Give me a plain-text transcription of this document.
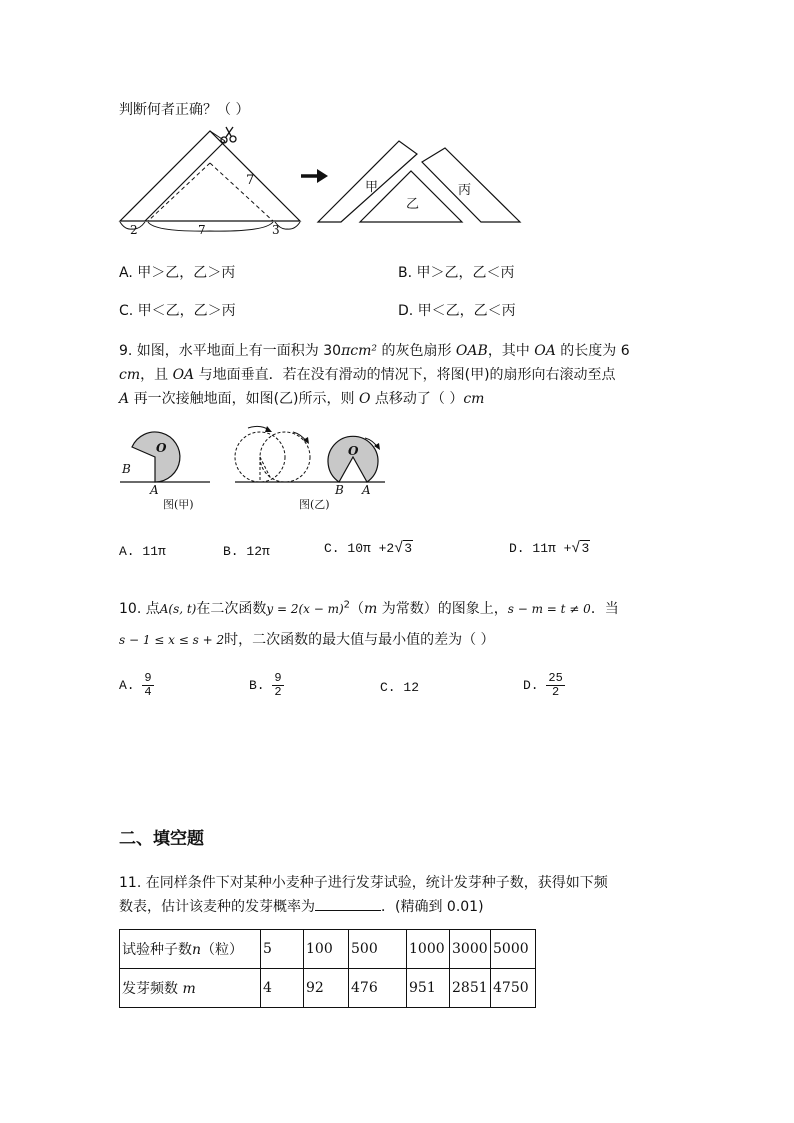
判断何者正确？（ ）
7
2	7	3
甲
乙
丙
A. 甲＞乙，乙＞丙	B. 甲＞乙，乙＜丙
C. 甲＜乙，乙＞丙	D. 甲＜乙，乙＜丙
9. 如图，水平地面上有一面积为 30πcm² 的灰色扇形 OAB，其中 OA 的长度为 6
cm，且 OA 与地面垂直．若在没有滑动的情况下，将图(甲)的扇形向右滚动至点
A 再一次接触地面，如图(乙)所示，则 O 点移动了（ ）cm
O
B
A
图(甲)
O
B A
图(乙)
A. 11π	B. 12π	C. 10π +2√3	D. 11π +√3
10. 点A(s, t)在二次函数$y = 2(x - m)^2(m$ 为常数）的图象上，s − m = t ≠ 0．当
s − 1 ≤ x ≤ s + 2时，二次函数的最大值与最小值的差为（ ）
A. $\frac{9}{4}$	B. $\frac{9}{2}$	C. 12	D. $\frac{25}{2}$
二、填空题
11. 在同样条件下对某种小麦种子进行发芽试验，统计发芽种子数，获得如下频
数表，估计该麦种的发芽概率为	．(精确到 0.01)
试验种子数n（粒）	5	100	500	1000	3000	5000
发芽频数 m	4	92	476	951	2851	4750
